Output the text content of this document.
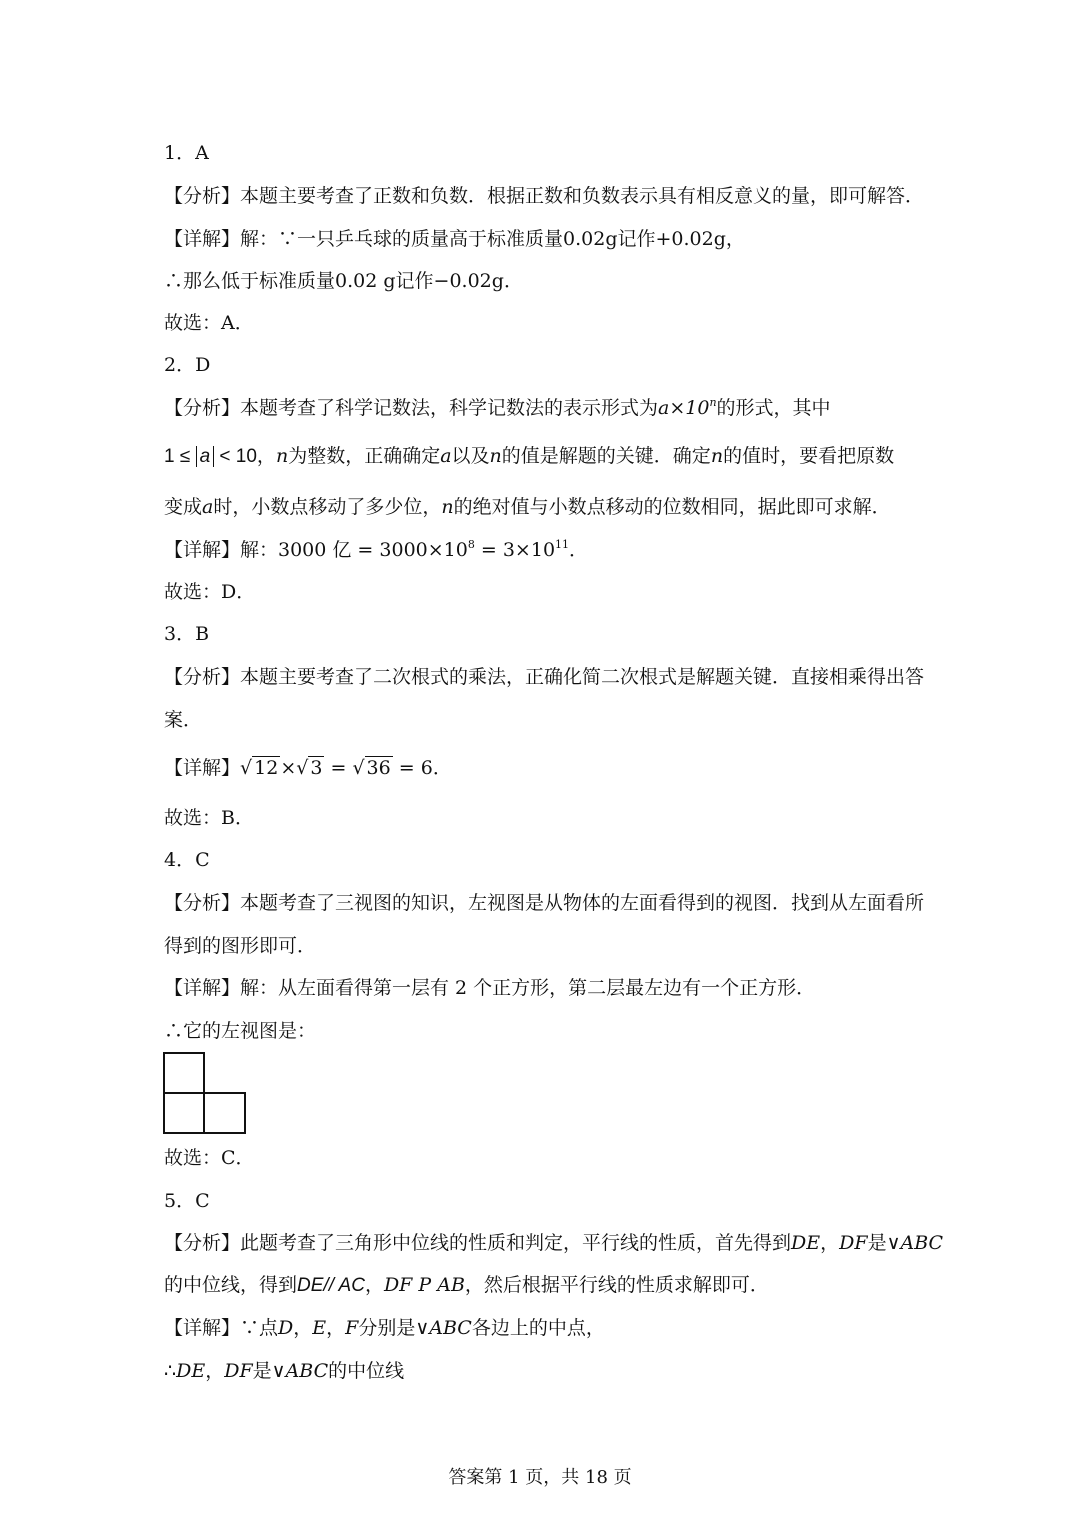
1．A
【分析】本题主要考查了正数和负数．根据正数和负数表示具有相反意义的量，即可解答．
【详解】解：∵一只乒乓球的质量高于标准质量0.02g记作+0.02g，
∴那么低于标准质量0.02 g记作−0.02g．
故选：A．
2．D
【分析】本题考查了科学记数法，科学记数法的表示形式为$a\times 10^n$的形式，其中
1 ≤ a < 10，n为整数，正确确定a以及n的值是解题的关键．确定n的值时，要看把原数
变成a时，小数点移动了多少位，n的绝对值与小数点移动的位数相同，据此即可求解．
【详解】解：3000 亿 = $3000\times 10^8 = 3\times 10^{11}$．
故选：D．
3．B
【分析】本题主要考查了二次根式的乘法，正确化简二次根式是解题关键．直接相乘得出答
案．
【详解】√ 12 ×√ 3 = √ 36 = 6．
故选：B．
4．C
【分析】本题考查了三视图的知识，左视图是从物体的左面看得到的视图．找到从左面看所
得到的图形即可．
【详解】解：从左面看得第一层有 2 个正方形，第二层最左边有一个正方形．
∴它的左视图是：
故选：C．
5．C
【分析】此题考查了三角形中位线的性质和判定，平行线的性质，首先得到DE，DF是∨ABC
的中位线，得到DE// AC，DF Ρ AB，然后根据平行线的性质求解即可．
【详解】∵点D，E，F分别是∨ABC各边上的中点，
∴DE，DF是∨ABC的中位线
答案第 1 页，共 18 页
